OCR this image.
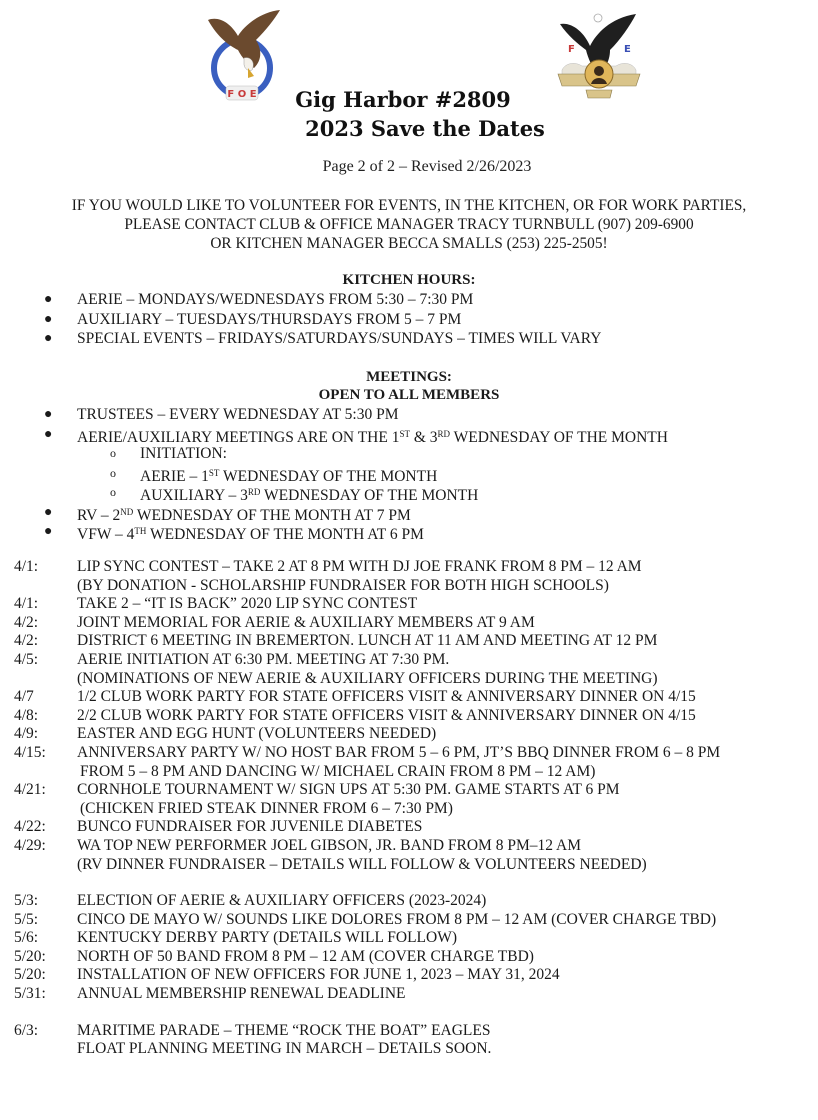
F O E
F	E
Gig Harbor #2809
2023 Save the Dates
Page 2 of 2 – Revised 2/26/2023
IF YOU WOULD LIKE TO VOLUNTEER FOR EVENTS, IN THE KITCHEN, OR FOR WORK PARTIES,
PLEASE CONTACT CLUB & OFFICE MANAGER TRACY TURNBULL (907) 209-6900
OR KITCHEN MANAGER BECCA SMALLS (253) 225-2505!
KITCHEN HOURS:
● AERIE – MONDAYS/WEDNESDAYS FROM 5:30 – 7:30 PM
● AUXILIARY – TUESDAYS/THURSDAYS FROM 5 – 7 PM
● SPECIAL EVENTS – FRIDAYS/SATURDAYS/SUNDAYS – TIMES WILL VARY
MEETINGS:
OPEN TO ALL MEMBERS
● TRUSTEES – EVERY WEDNESDAY AT 5:30 PM
● AERIE/AUXILIARY MEETINGS ARE ON THE 1ST & 3RD WEDNESDAY OF THE MONTH
o INITIATION:
o AERIE – 1ST WEDNESDAY OF THE MONTH
o AUXILIARY – 3RD WEDNESDAY OF THE MONTH
● RV – 2ND WEDNESDAY OF THE MONTH AT 7 PM
● VFW – 4TH WEDNESDAY OF THE MONTH AT 6 PM
4/1:	LIP SYNC CONTEST – TAKE 2 AT 8 PM WITH DJ JOE FRANK FROM 8 PM – 12 AM
(BY DONATION - SCHOLARSHIP FUNDRAISER FOR BOTH HIGH SCHOOLS)
4/1:	TAKE 2 – “IT IS BACK” 2020 LIP SYNC CONTEST
4/2:	JOINT MEMORIAL FOR AERIE & AUXILIARY MEMBERS AT 9 AM
4/2:	DISTRICT 6 MEETING IN BREMERTON. LUNCH AT 11 AM AND MEETING AT 12 PM
4/5:	AERIE INITIATION AT 6:30 PM. MEETING AT 7:30 PM.
(NOMINATIONS OF NEW AERIE & AUXILIARY OFFICERS DURING THE MEETING)
4/7	1/2 CLUB WORK PARTY FOR STATE OFFICERS VISIT & ANNIVERSARY DINNER ON 4/15
4/8:	2/2 CLUB WORK PARTY FOR STATE OFFICERS VISIT & ANNIVERSARY DINNER ON 4/15
4/9:	EASTER AND EGG HUNT (VOLUNTEERS NEEDED)
4/15: ANNIVERSARY PARTY W/ NO HOST BAR FROM 5 – 6 PM, JT’S BBQ DINNER FROM 6 – 8 PM
FROM 5 – 8 PM AND DANCING W/ MICHAEL CRAIN FROM 8 PM – 12 AM)
4/21: CORNHOLE TOURNAMENT W/ SIGN UPS AT 5:30 PM. GAME STARTS AT 6 PM
(CHICKEN FRIED STEAK DINNER FROM 6 – 7:30 PM)
4/22: BUNCO FUNDRAISER FOR JUVENILE DIABETES
4/29: WA TOP NEW PERFORMER JOEL GIBSON, JR. BAND FROM 8 PM–12 AM
(RV DINNER FUNDRAISER – DETAILS WILL FOLLOW & VOLUNTEERS NEEDED)
5/3:	ELECTION OF AERIE & AUXILIARY OFFICERS (2023-2024)
5/5:	CINCO DE MAYO W/ SOUNDS LIKE DOLORES FROM 8 PM – 12 AM (COVER CHARGE TBD)
5/6:	KENTUCKY DERBY PARTY (DETAILS WILL FOLLOW)
5/20: NORTH OF 50 BAND FROM 8 PM – 12 AM (COVER CHARGE TBD)
5/20: INSTALLATION OF NEW OFFICERS FOR JUNE 1, 2023 – MAY 31, 2024
5/31: ANNUAL MEMBERSHIP RENEWAL DEADLINE
6/3:	MARITIME PARADE – THEME “ROCK THE BOAT” EAGLES
FLOAT PLANNING MEETING IN MARCH – DETAILS SOON.
